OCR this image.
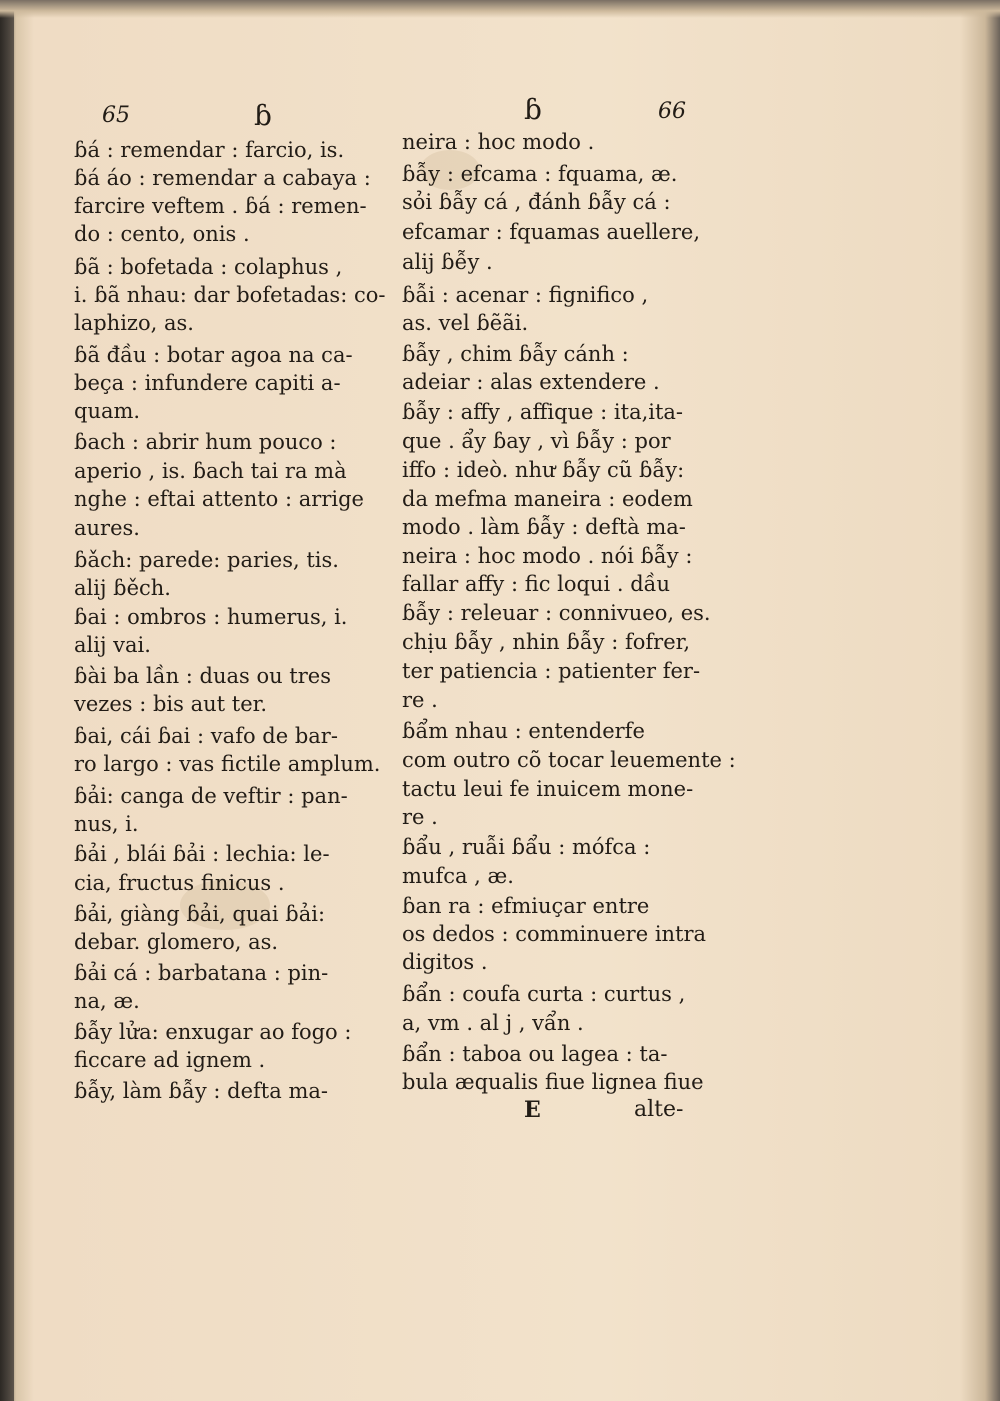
65	ɓ
ɓá : remendar : farcio, is.
ɓá áo : remendar a cabaya :
farcire veftem . ɓá : remen-
do : cento, onis .
ɓã : bofetada : colaphus ,
i. ɓã nhau: dar bofetadas: co-
laphizo, as.
ɓã đầu : botar agoa na ca-
beça : infundere capiti a-
quam.
ɓach : abrir hum pouco :
aperio , is. ɓach tai ra mà
nghe : eftai attento : arrige
aures.
ɓǎch: parede: paries, tis.
alij ɓěch.
ɓai : ombros : humerus, i.
alij vai.
ɓài ba lần : duas ou tres
vezes : bis aut ter.
ɓai, cái ɓai : vafo de bar-
ro largo : vas fictile amplum.
ɓải: canga de veftir : pan-
nus, i.
ɓải , blái ɓải : lechia: le-
cia, fructus finicus .
ɓải, giàng ɓải, quai ɓải:
debar. glomero, as.
ɓải cá : barbatana : pin-
na, æ.
ɓẫy lửa: enxugar ao fogo :
ficcare ad ignem .
ɓẫy, làm ɓẫy : defta ma-
ɓ	66
neira : hoc modo .
ɓẫy : efcama : fquama, æ.
sỏi ɓẫy cá , đánh ɓẫy cá :
efcamar : fquamas auellere,
alij ɓễy .
ɓẫi : acenar : fignifico ,
as. vel ɓẽãi.
ɓẫy , chim ɓẫy cánh :
adeiar : alas extendere .
ɓẫy : affy , affique : ita,ita-
que . ẩy ɓay , vì ɓẫy : por
iffo : ideò. như ɓẫy cũ ɓẫy:
da mefma maneira : eodem
modo . làm ɓẫy : deftà ma-
neira : hoc modo . nói ɓẫy :
fallar affy : fic loqui . dầu
ɓẫy : releuar : connivueo, es.
chịu ɓẫy , nhin ɓẫy : fofrer,
ter patiencia : patienter fer-
re .
ɓẩm nhau : entenderfe
com outro cõ tocar leuemente :
tactu leui fe inuicem mone-
re .
ɓẩu , ruẫi ɓẩu : mófca :
mufca , æ.
ɓan ra : efmiuçar entre
os dedos : comminuere intra
digitos .
ɓẩn : coufa curta : curtus ,
a, vm . al j , vẩn .
ɓẩn : taboa ou lagea : ta-
bula æqualis fiue lignea fiue
E	alte-
